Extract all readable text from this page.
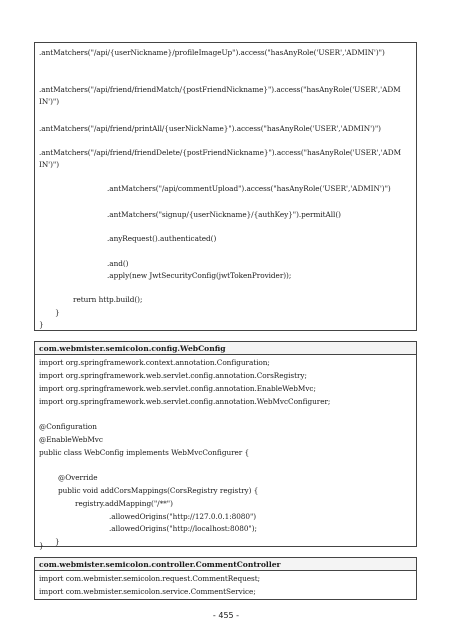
.antMatchers("/api/{userNickname}/profileImageUp").access("hasAnyRole('USER','ADMIN')")
.antMatchers("/api/friend/friendMatch/{postFriendNickname}").access("hasAnyRole('USER','ADM
IN')")
.antMatchers("/api/friend/printAll/{userNickName}").access("hasAnyRole('USER','ADMIN')")
.antMatchers("/api/friend/friendDelete/{postFriendNickname}").access("hasAnyRole('USER','ADM
IN')")
.antMatchers("/api/commentUpload").access("hasAnyRole('USER','ADMIN')")
.antMatchers("signup/{userNickname}/{authKey}").permitAll()
.anyRequest().authenticated()
.and()
.apply(new JwtSecurityConfig(jwtTokenProvider));
return http.build();
}
}
com.webmister.semicolon.config.WebConfig
import org.springframework.context.annotation.Configuration;
import org.springframework.web.servlet.config.annotation.CorsRegistry;
import org.springframework.web.servlet.config.annotation.EnableWebMvc;
import org.springframework.web.servlet.config.annotation.WebMvcConfigurer;
@Configuration
@EnableWebMvc
public class WebConfig implements WebMvcConfigurer {
@Override
public void addCorsMappings(CorsRegistry registry) {
registry.addMapping("/**")
.allowedOrigins("http://127.0.0.1:8080")
.allowedOrigins("http://localhost:8080");
}
}
com.webmister.semicolon.controller.CommentController
import com.webmister.semicolon.request.CommentRequest;
import com.webmister.semicolon.service.CommentService;
- 455 -
